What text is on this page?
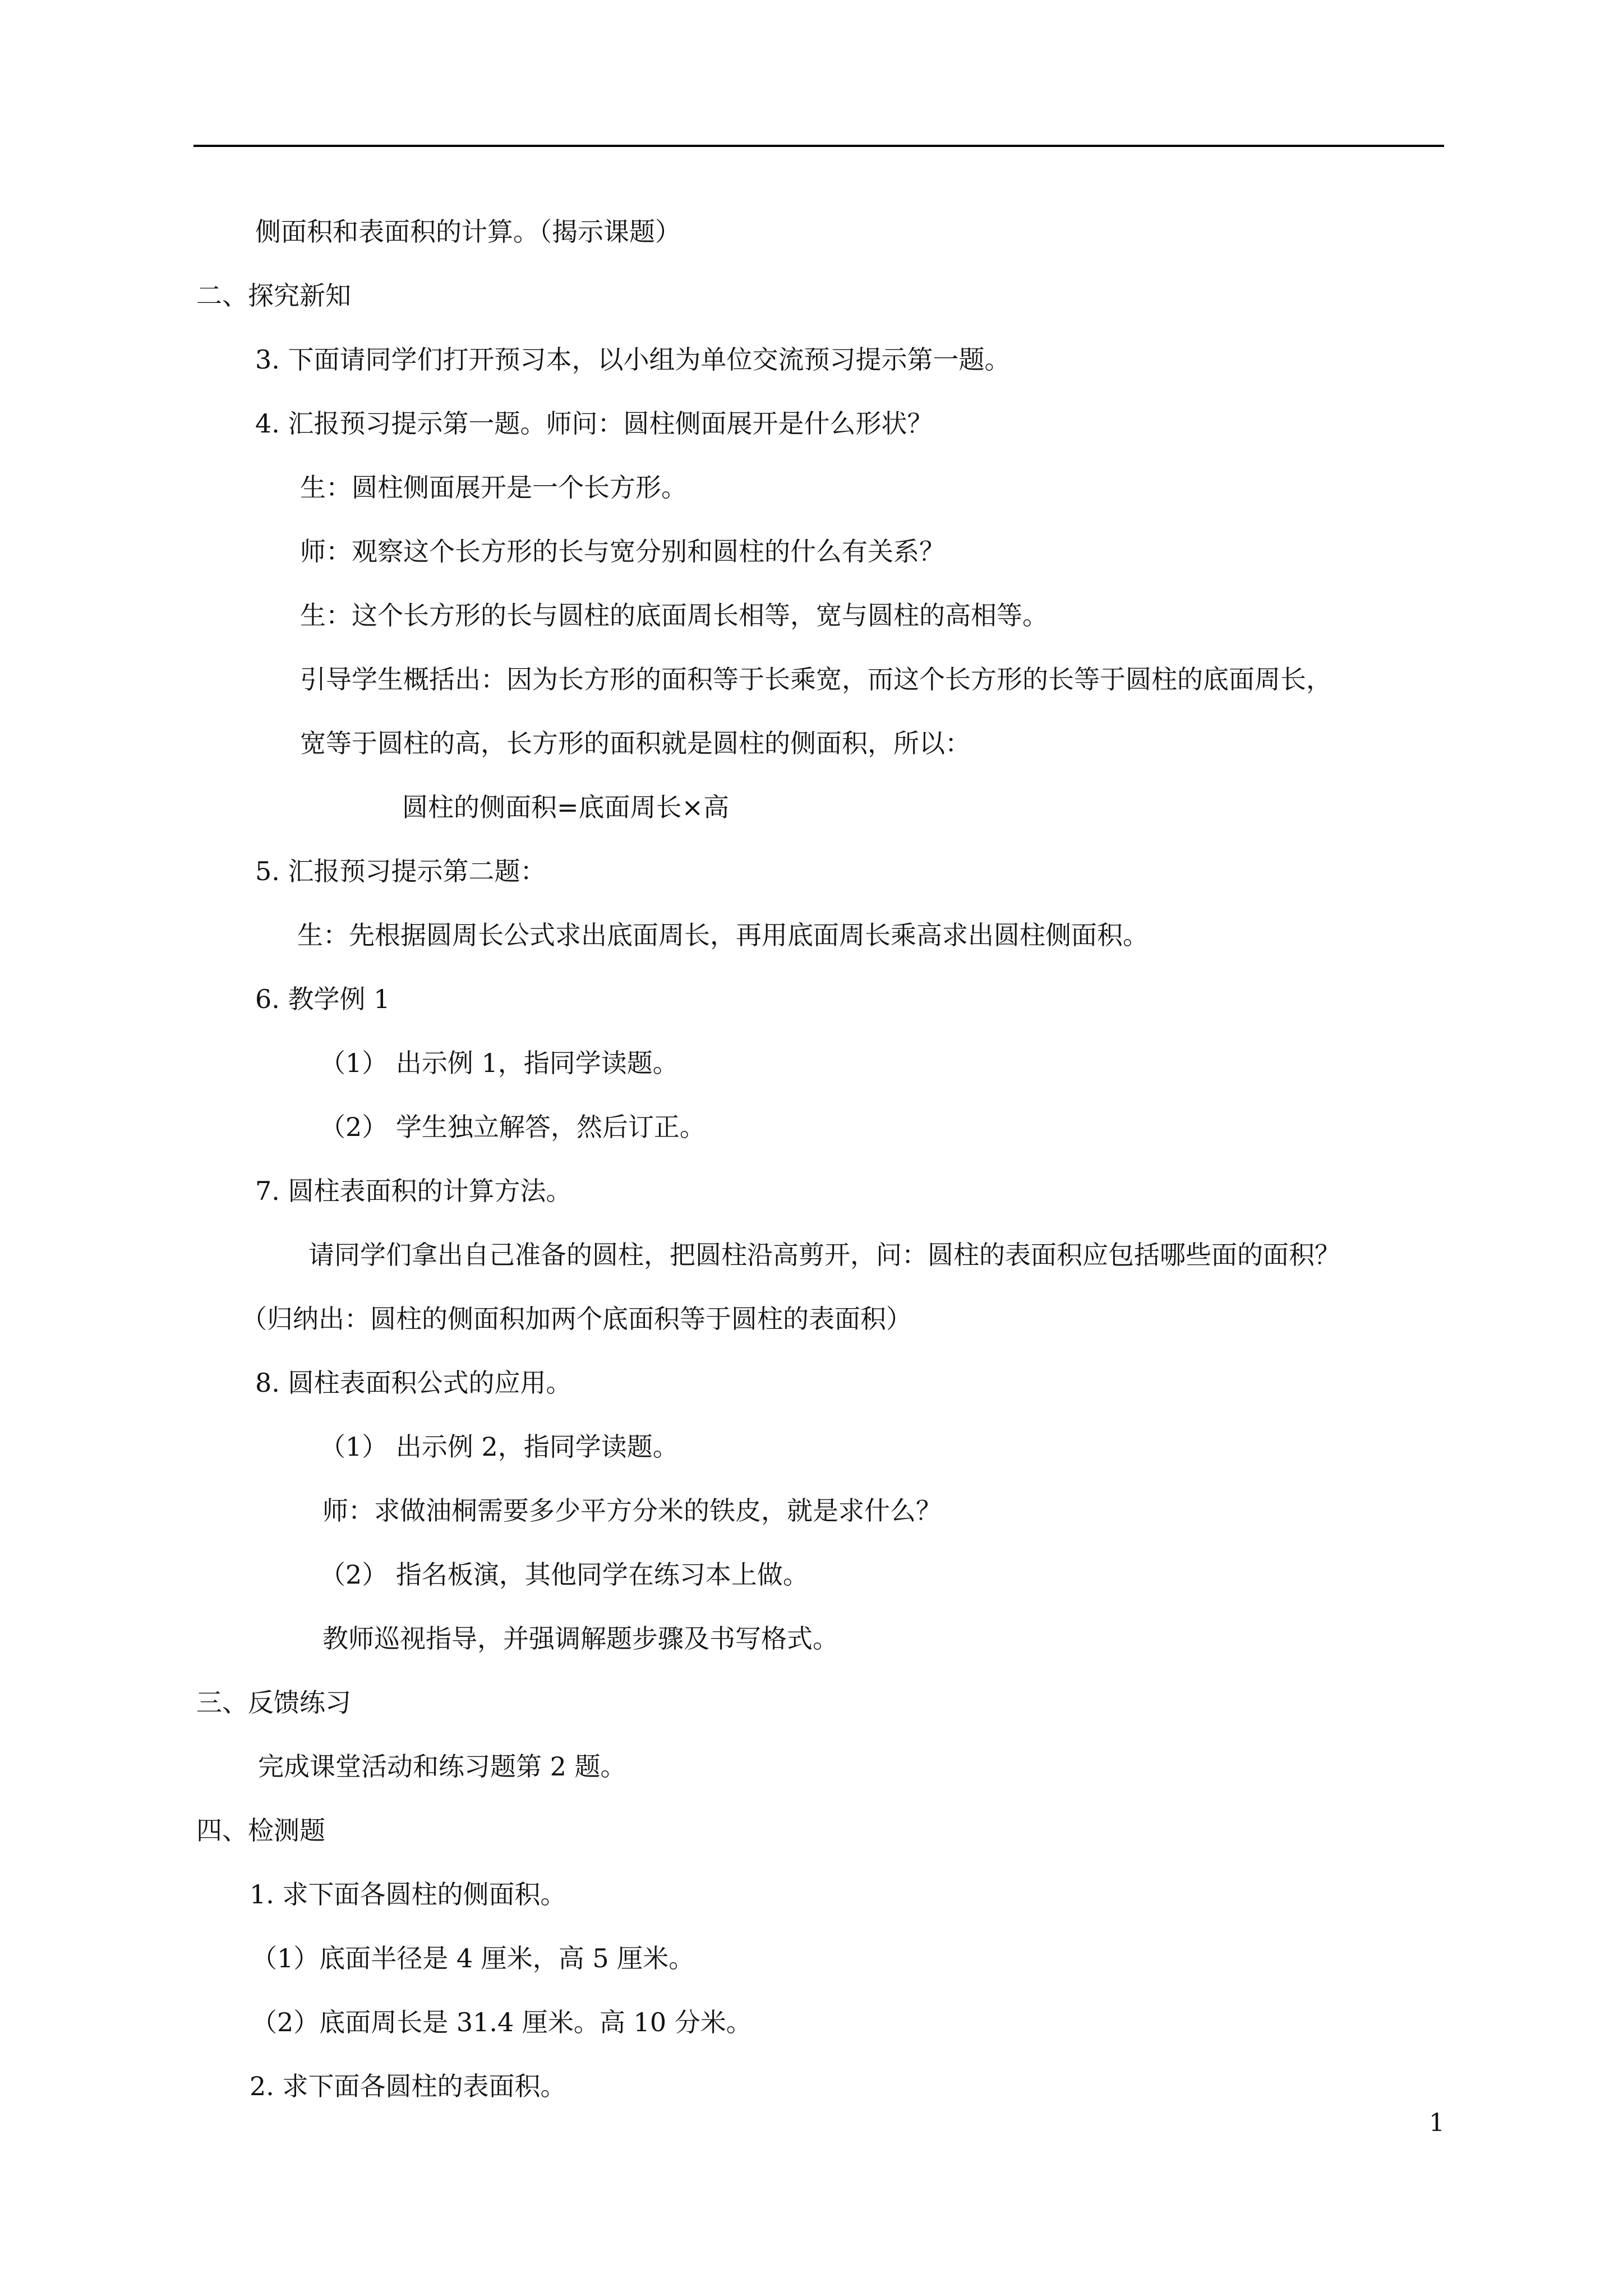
侧面积和表面积的计算。（揭示课题）
二、探究新知
3. 下面请同学们打开预习本，以小组为单位交流预习提示第一题。
4. 汇报预习提示第一题。师问：圆柱侧面展开是什么形状？
生：圆柱侧面展开是一个长方形。
师：观察这个长方形的长与宽分别和圆柱的什么有关系？
生：这个长方形的长与圆柱的底面周长相等，宽与圆柱的高相等。
引导学生概括出：因为长方形的面积等于长乘宽，而这个长方形的长等于圆柱的底面周长，
宽等于圆柱的高，长方形的面积就是圆柱的侧面积，所以：
圆柱的侧面积=底面周长×高
5. 汇报预习提示第二题：
生：先根据圆周长公式求出底面周长，再用底面周长乘高求出圆柱侧面积。
6. 教学例 1
（1） 出示例 1，指同学读题。
（2） 学生独立解答，然后订正。
7. 圆柱表面积的计算方法。
请同学们拿出自己准备的圆柱，把圆柱沿高剪开，问：圆柱的表面积应包括哪些面的面积？
（归纳出：圆柱的侧面积加两个底面积等于圆柱的表面积）
8. 圆柱表面积公式的应用。
（1） 出示例 2，指同学读题。
师：求做油桐需要多少平方分米的铁皮，就是求什么？
（2） 指名板演，其他同学在练习本上做。
教师巡视指导，并强调解题步骤及书写格式。
三、反馈练习
完成课堂活动和练习题第 2 题。
四、检测题
1. 求下面各圆柱的侧面积。
（1）底面半径是 4 厘米，高 5 厘米。
（2）底面周长是 31.4 厘米。高 10 分米。
2. 求下面各圆柱的表面积。
1
